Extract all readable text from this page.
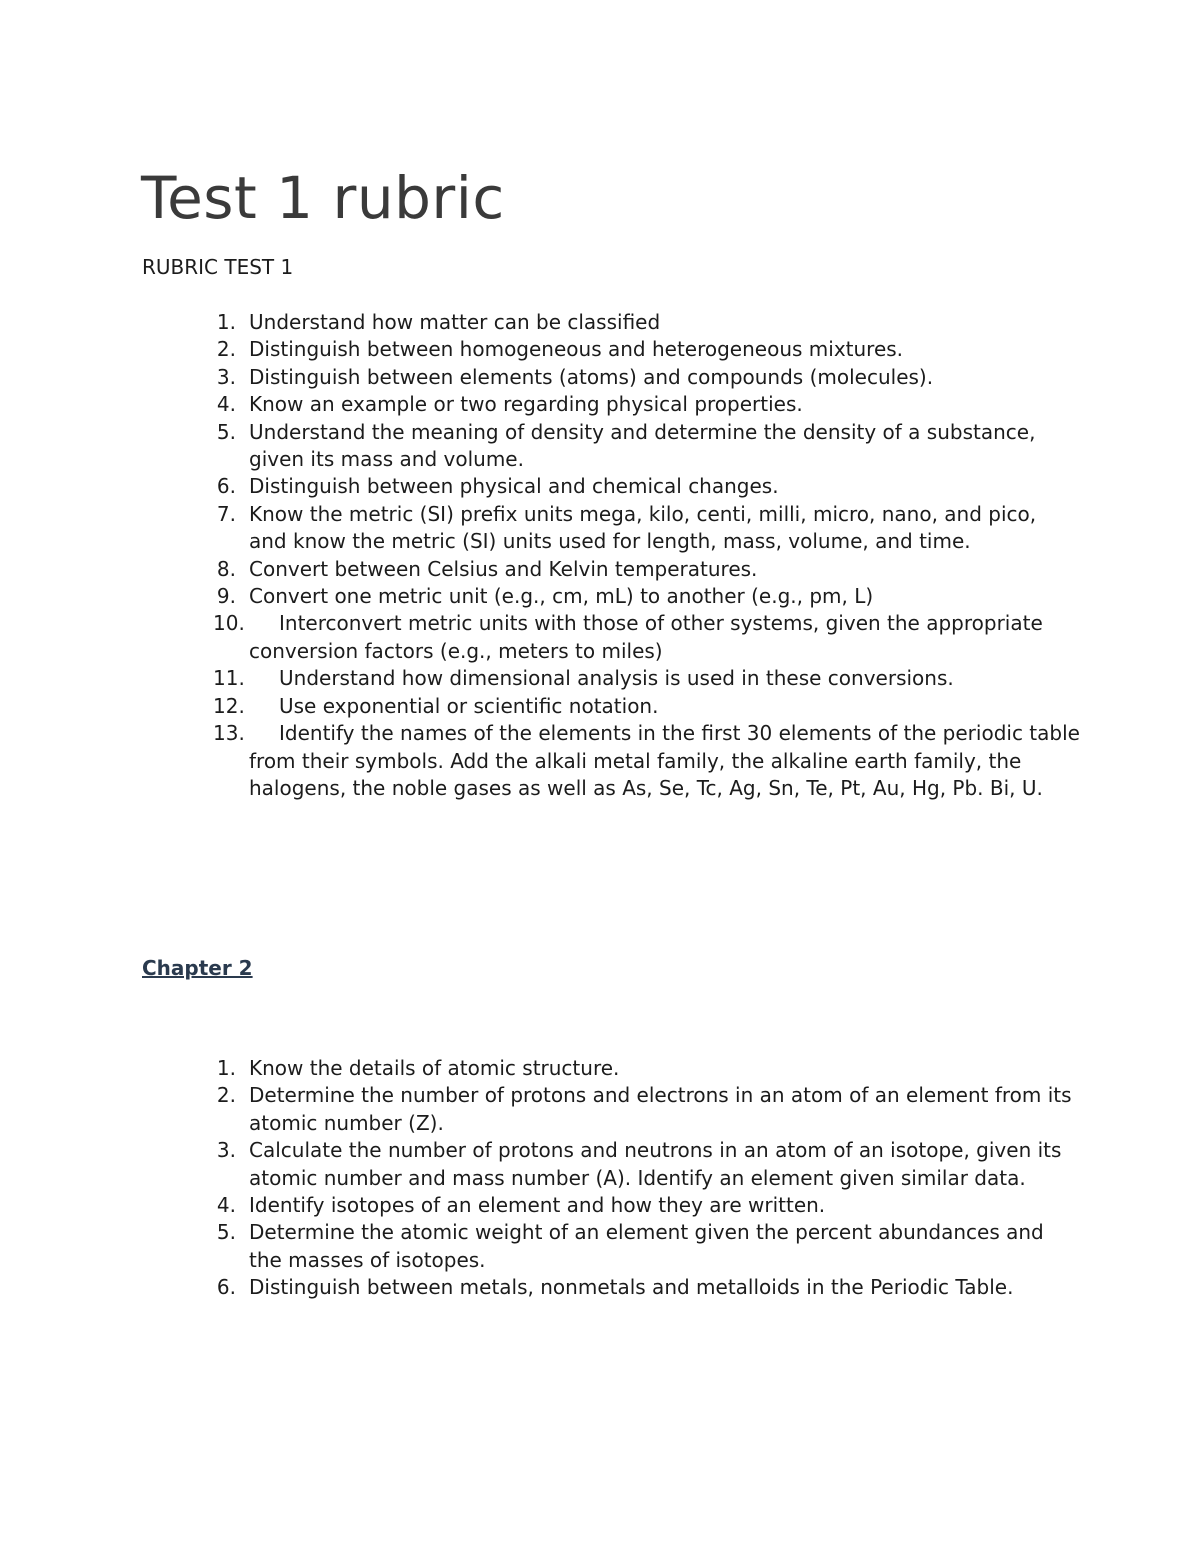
Test 1 rubric

RUBRIC TEST 1

1. Understand how matter can be classified
2. Distinguish between homogeneous and heterogeneous mixtures.
3. Distinguish between elements (atoms) and compounds (molecules).
4. Know an example or two regarding physical properties.
5. Understand the meaning of density and determine the density of a substance, given its mass and volume.
6. Distinguish between physical and chemical changes.
7. Know the metric (SI) prefix units mega, kilo, centi, milli, micro, nano, and pico, and know the metric (SI) units used for length, mass, volume, and time.
8. Convert between Celsius and Kelvin temperatures.
9. Convert one metric unit (e.g., cm, mL) to another (e.g., pm, L)
10.
   Interconvert metric units with those of other systems, given the appropriate conversion factors (e.g., meters to miles)
11.
   Understand how dimensional analysis is used in these conversions.
12.
   Use exponential or scientific notation.
13.
   Identify the names of the elements in the first 30 elements of the periodic table from their symbols. Add the alkali metal family, the alkaline earth family, the halogens, the noble gases as well as As, Se, Tc, Ag, Sn, Te, Pt, Au, Hg, Pb. Bi, U.

Chapter 2

1. Know the details of atomic structure.
2. Determine the number of protons and electrons in an atom of an element from its atomic number (Z).
3. Calculate the number of protons and neutrons in an atom of an isotope, given its atomic number and mass number (A). Identify an element given similar data.
4. Identify isotopes of an element and how they are written.
5. Determine the atomic weight of an element given the percent abundances and the masses of isotopes.
6. Distinguish between metals, nonmetals and metalloids in the Periodic Table.
